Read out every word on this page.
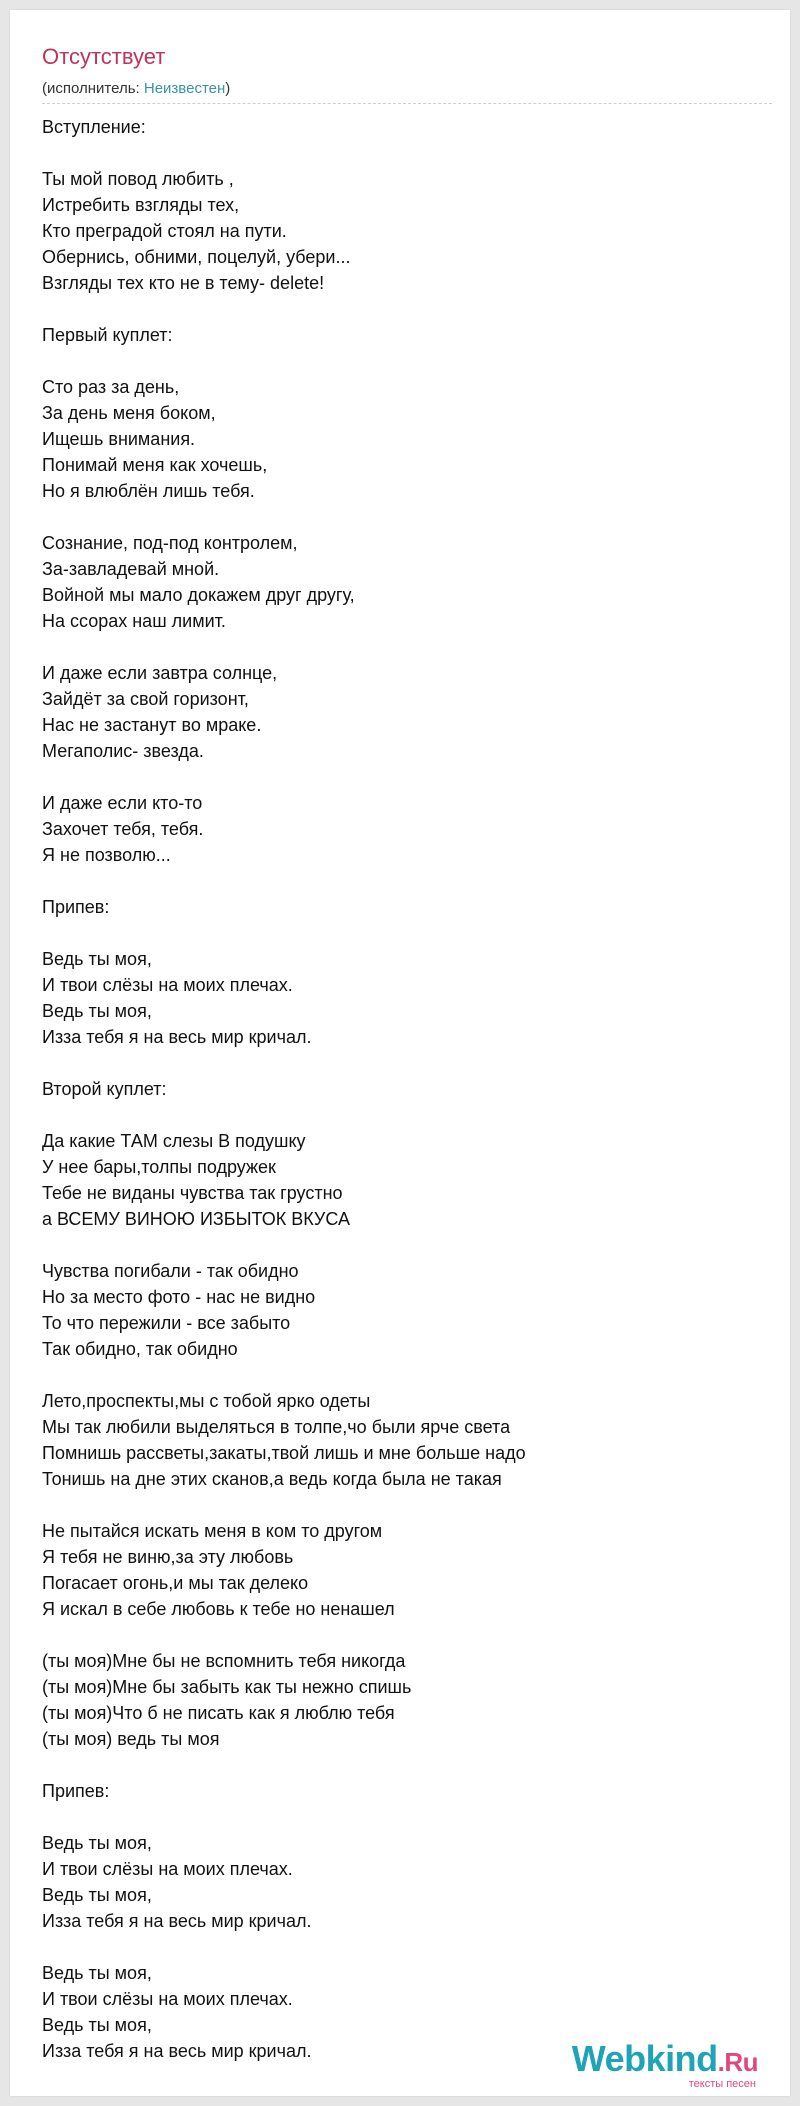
Отсутствует
(исполнитель: Неизвестен)
Вступление:
Ты мой повод любить ,
Истребить взгляды тех,
Кто преградой стоял на пути.
Обернись, обними, поцелуй, убери...
Взгляды тех кто не в тему- delete!
Первый куплет:
Сто раз за день,
За день меня боком,
Ищешь внимания.
Понимай меня как хочешь,
Но я влюблён лишь тебя.
Сознание, под-под контролем,
За-завладевай мной.
Войной мы мало докажем друг другу,
На ссорах наш лимит.
И даже если завтра солнце,
Зайдёт за свой горизонт,
Нас не застанут во мраке.
Мегаполис- звезда.
И даже если кто-то
Захочет тебя, тебя.
Я не позволю...
Припев:
Ведь ты моя,
И твои слёзы на моих плечах.
Ведь ты моя,
Изза тебя я на весь мир кричал.
Второй куплет:
Да какие ТАМ слезы В подушку
У нее бары,толпы подружек
Тебе не виданы чувства так грустно
а ВСЕМУ ВИНОЮ ИЗБЫТОК ВКУСА
Чувства погибали - так обидно
Но за место фото - нас не видно
То что пережили - все забыто
Так обидно, так обидно
Лето,проспекты,мы с тобой ярко одеты
Мы так любили выделяться в толпе,чо были ярче света
Помнишь рассветы,закаты,твой лишь и мне больше надо
Тонишь на дне этих сканов,а ведь когда была не такая
Не пытайся искать меня в ком то другом
Я тебя не виню,за эту любовь
Погасает огонь,и мы так делеко
Я искал в себе любовь к тебе но ненашел
(ты моя)Мне бы не вспомнить тебя никогда
(ты моя)Мне бы забыть как ты нежно спишь
(ты моя)Что б не писать как я люблю тебя
(ты моя) ведь ты моя
Припев:
Ведь ты моя,
И твои слёзы на моих плечах.
Ведь ты моя,
Изза тебя я на весь мир кричал.
Ведь ты моя,
И твои слёзы на моих плечах.
Ведь ты моя,
Изза тебя я на весь мир кричал.	Webkind.Ru
тексты песен
